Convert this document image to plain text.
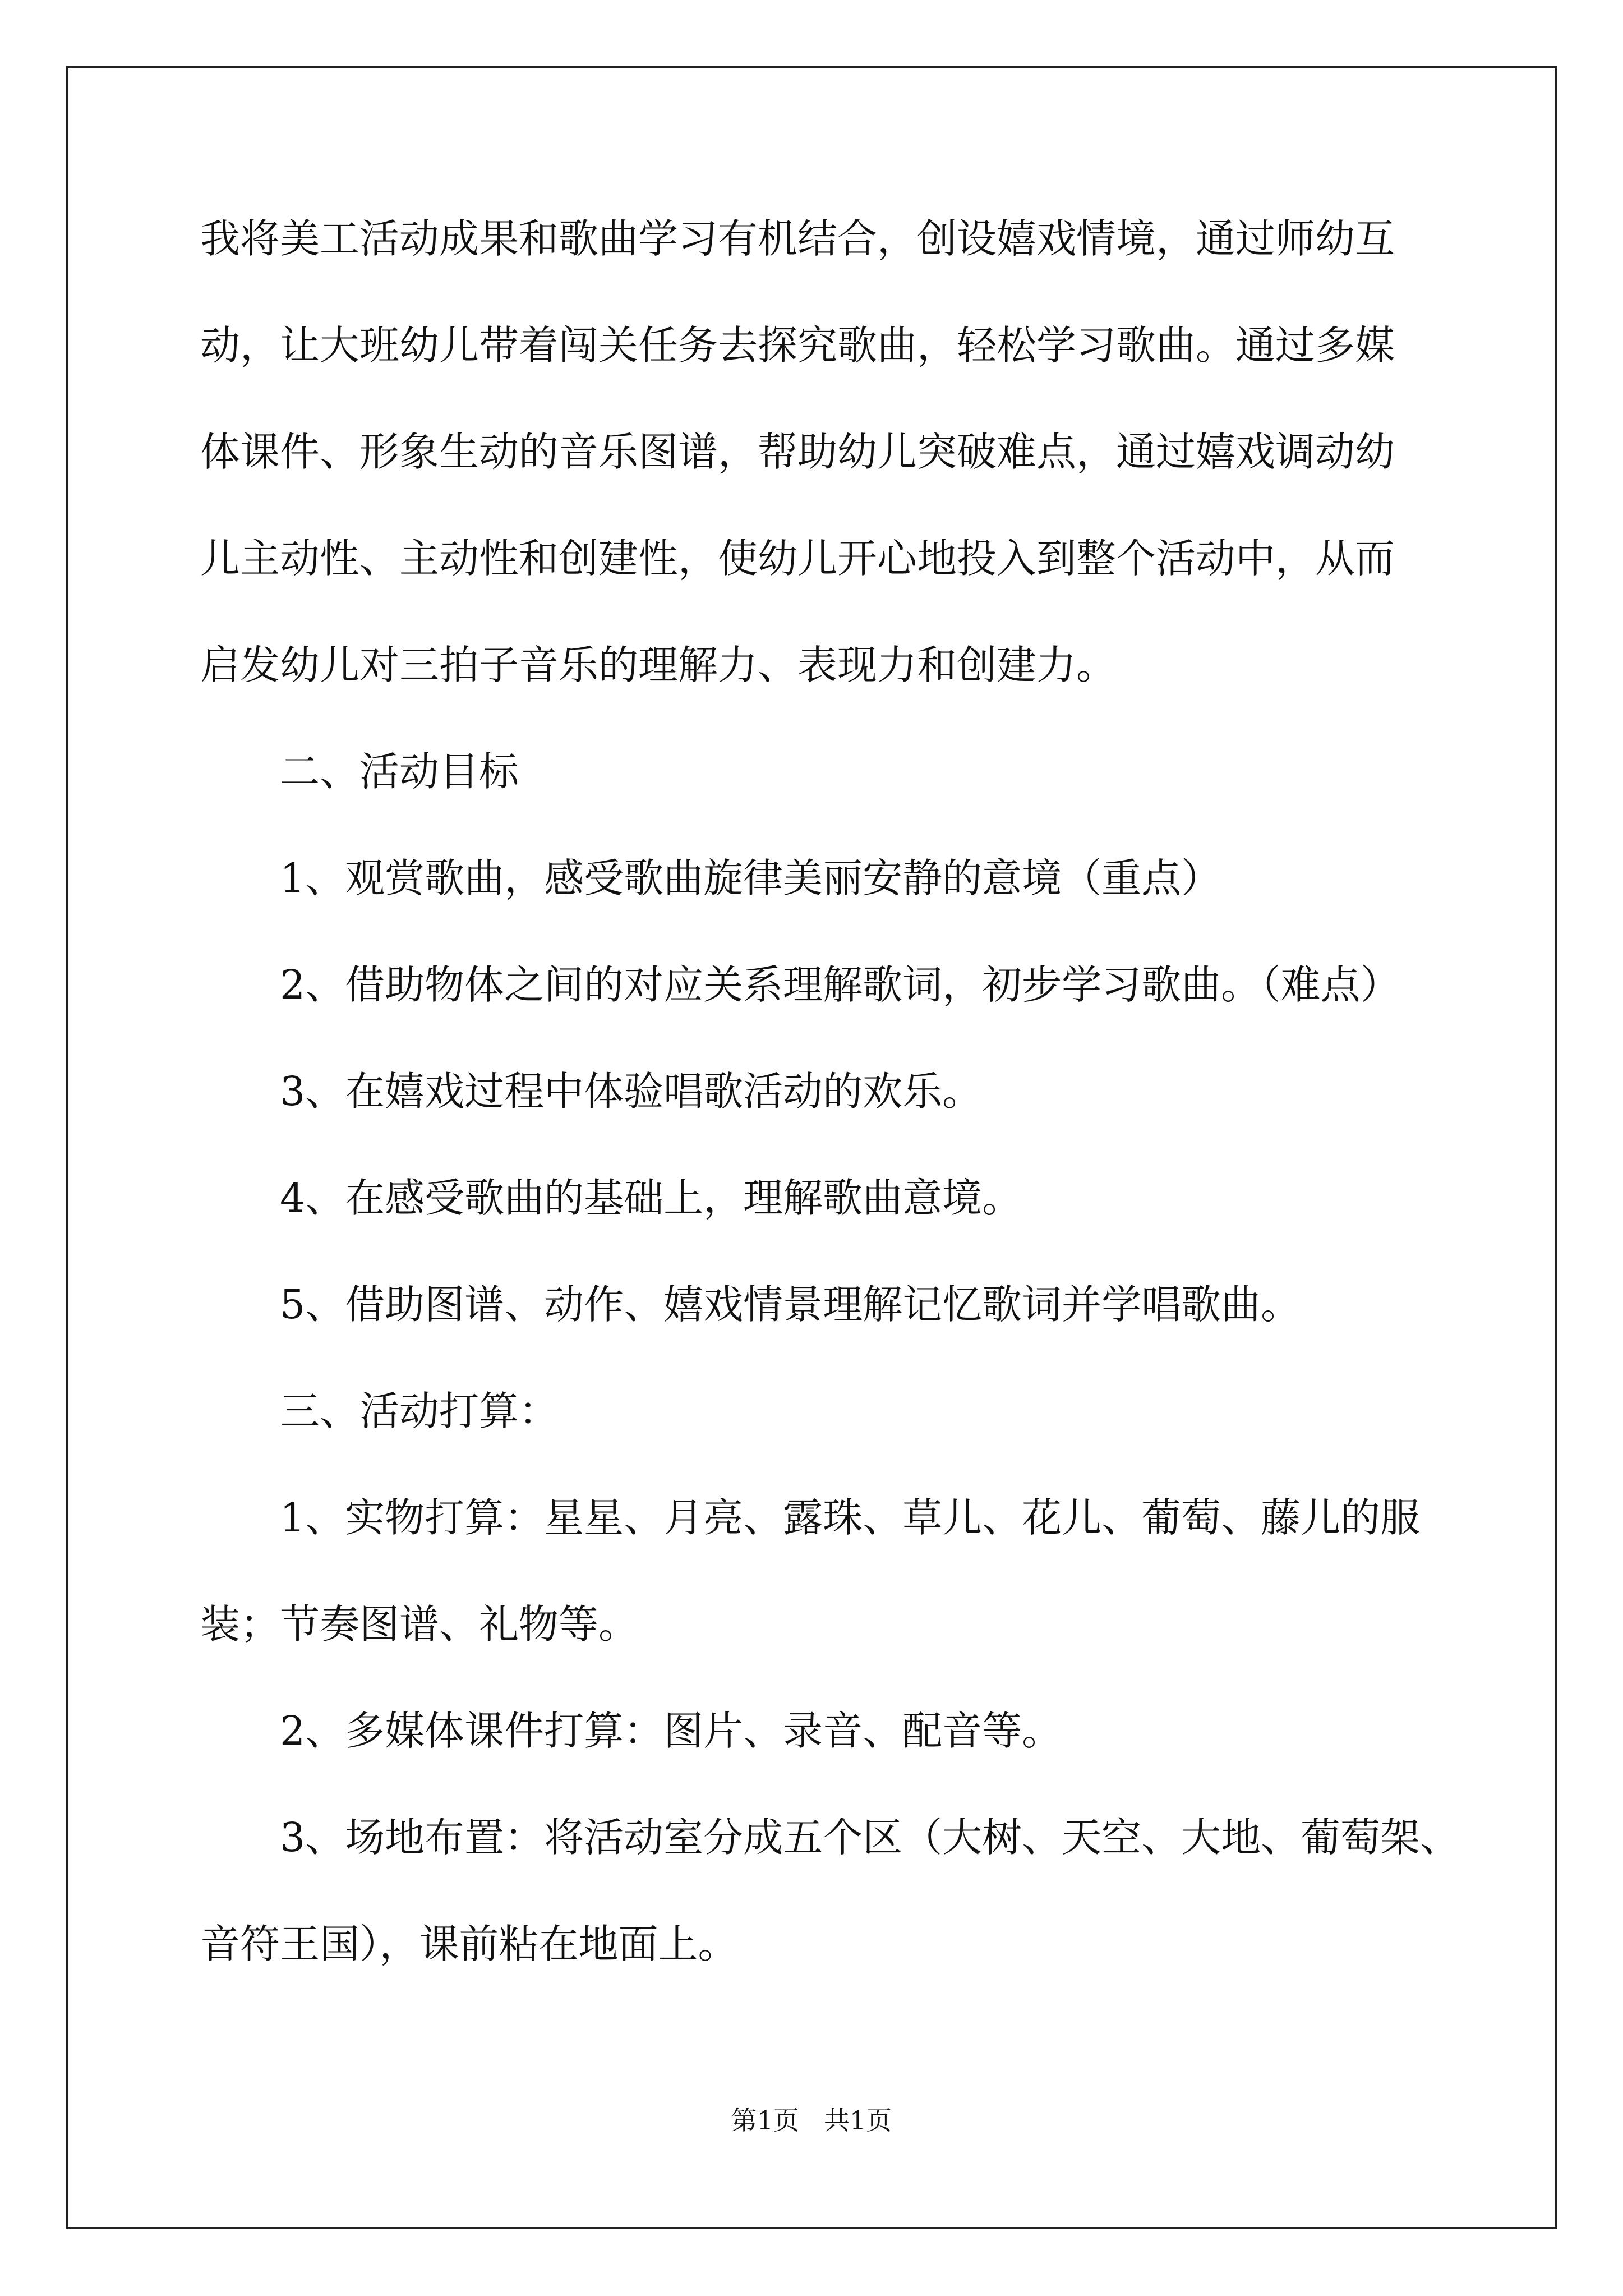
我将美工活动成果和歌曲学习有机结合，创设嬉戏情境，通过师幼互
动，让大班幼儿带着闯关任务去探究歌曲，轻松学习歌曲。通过多媒
体课件、形象生动的音乐图谱，帮助幼儿突破难点，通过嬉戏调动幼
儿主动性、主动性和创建性，使幼儿开心地投入到整个活动中，从而
启发幼儿对三拍子音乐的理解力、表现力和创建力。
二、活动目标
1、观赏歌曲，感受歌曲旋律美丽安静的意境（重点）
2、借助物体之间的对应关系理解歌词，初步学习歌曲。（难点）
3、在嬉戏过程中体验唱歌活动的欢乐。
4、在感受歌曲的基础上，理解歌曲意境。
5、借助图谱、动作、嬉戏情景理解记忆歌词并学唱歌曲。
三、活动打算：
1、实物打算：星星、月亮、露珠、草儿、花儿、葡萄、藤儿的服
装；节奏图谱、礼物等。
2、多媒体课件打算：图片、录音、配音等。
3、场地布置：将活动室分成五个区（大树、天空、大地、葡萄架、
音符王国），课前粘在地面上。
第1页 共1页
